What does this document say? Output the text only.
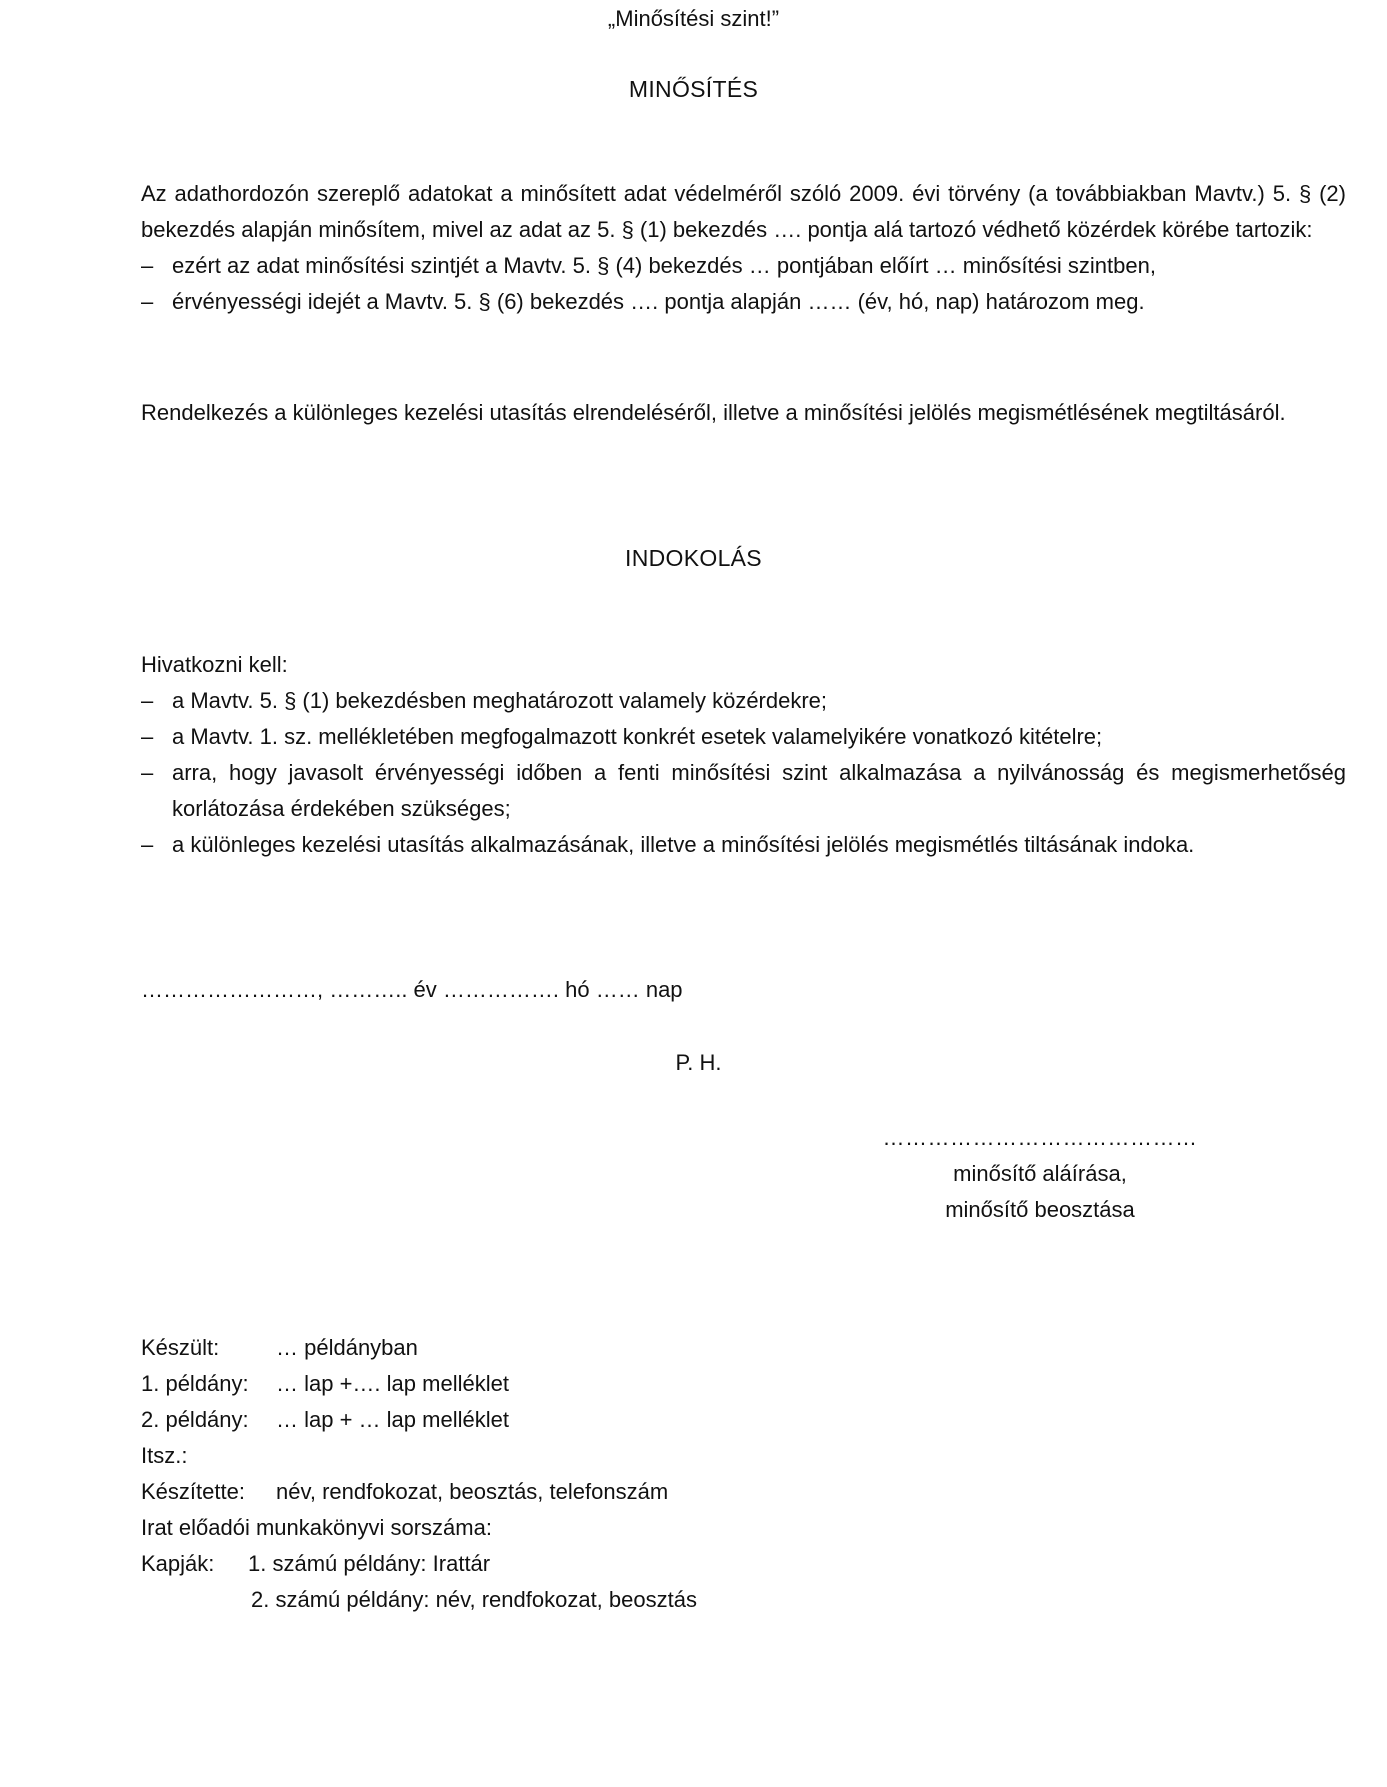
„Minősítési szint!”
MINŐSÍTÉS

Az adathordozón szereplő adatokat a minősített adat védelméről szóló 2009. évi törvény (a továbbiakban Mavtv.) 5. § (2) bekezdés alapján minősítem, mivel az adat az 5. § (1) bekezdés …. pontja alá tartozó védhető közérdek körébe tartozik:

– ezért az adat minősítési szintjét a Mavtv. 5. § (4) bekezdés … pontjában előírt … minősítési szintben,
– érvényességi idejét a Mavtv. 5. § (6) bekezdés …. pontja alapján …… (év, hó, nap) határozom meg.
Rendelkezés a különleges kezelési utasítás elrendeléséről, illetve a minősítési jelölés megismétlésének megtiltásáról.
INDOKOLÁS

Hivatkozni kell:

– a Mavtv. 5. § (1) bekezdésben meghatározott valamely közérdekre;
– a Mavtv. 1. sz. mellékletében megfogalmazott konkrét esetek valamelyikére vonatkozó kitételre;
– arra, hogy javasolt érvényességi időben a fenti minősítési szint alkalmazása a nyilvánosság és megismerhetőség korlátozása érdekében szükséges;
– a különleges kezelési utasítás alkalmazásának, illetve a minősítési jelölés megismétlés tiltásának indoka.
……………………, ……….. év ……………. hó …… nap
P. H.
……………………………………
minősítő aláírása,
minősítő beosztása
Készült:	… példányban
1. példány: … lap +…. lap melléklet
2. példány: … lap + … lap melléklet
Itsz.:
Készítette: név, rendfokozat, beosztás, telefonszám
Irat előadói munkakönyvi sorszáma:
Kapják: 1. számú példány: Irattár
2. számú példány: név, rendfokozat, beosztás
